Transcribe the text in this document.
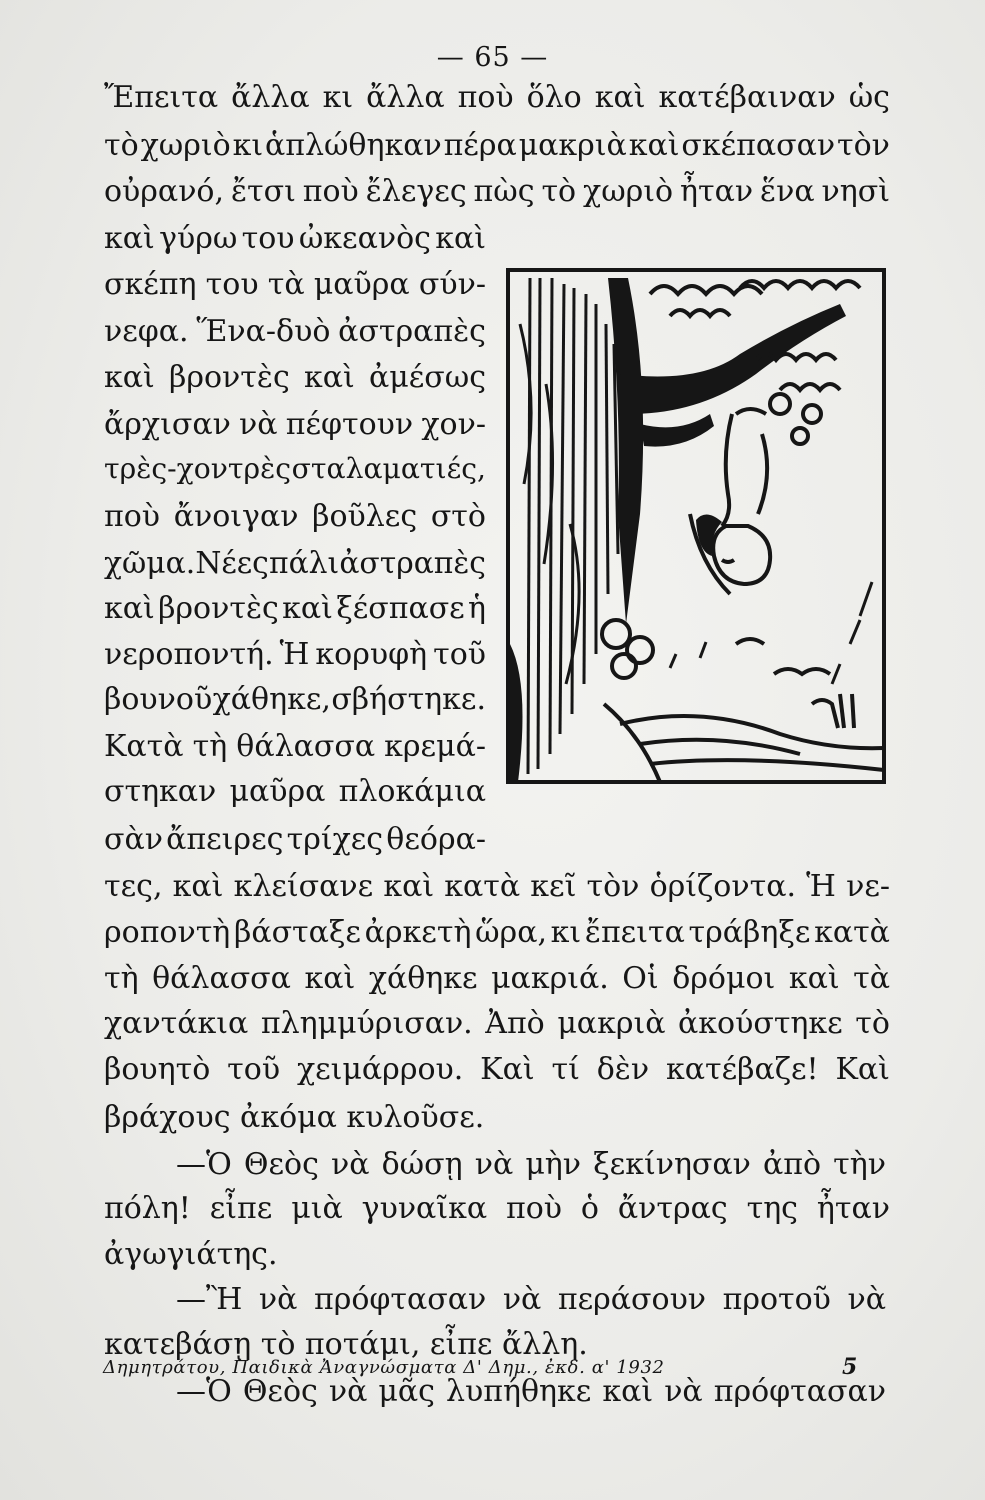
— 65 —
Ἔπειτα ἄλλα κι ἄλλα ποὺ ὅλο καὶ κατέβαιναν ὡς
τὸ χωριὸ κι ἁπλώθηκαν πέρα μακριὰ καὶ σκέπασαν τὸν
οὐρανό, ἔτσι ποὺ ἔλεγες πὼς τὸ χωριὸ ἦταν ἕνα νησὶ
καὶ γύρω του ὠκεανὸς καὶ
σκέπη του τὰ μαῦρα σύν-
νεφα. Ἕνα-δυὸ ἀστραπὲς
καὶ βροντὲς καὶ ἀμέσως
ἄρχισαν νὰ πέφτουν χον-
τρὲς-χοντρὲς σταλαματιές,
ποὺ ἄνοιγαν βοῦλες στὸ
χῶμα. Νέες πάλι ἀστραπὲς
καὶ βροντὲς καὶ ξέσπασε ἡ
νεροποντή. Ἡ κορυφὴ τοῦ
βουνοῦ χάθηκε, σβήστηκε.
Κατὰ τὴ θάλασσα κρεμά-
στηκαν μαῦρα πλοκάμια
σὰν ἄπειρες τρίχες θεόρα-
τες, καὶ κλείσανε καὶ κατὰ κεῖ τὸν ὁρίζοντα. Ἡ νε-
ροποντὴ βάσταξε ἀρκετὴ ὥρα, κι ἔπειτα τράβηξε κατὰ
τὴ θάλασσα καὶ χάθηκε μακριά. Οἱ δρόμοι καὶ τὰ
χαντάκια πλημμύρισαν. Ἀπὸ μακριὰ ἀκούστηκε τὸ
βουητὸ τοῦ χειμάρρου. Καὶ τί δὲν κατέβαζε! Καὶ
βράχους ἀκόμα κυλοῦσε.
—Ὁ Θεὸς νὰ δώσῃ νὰ μὴν ξεκίνησαν ἀπὸ τὴν
πόλη! εἶπε μιὰ γυναῖκα ποὺ ὁ ἄντρας της ἦταν
ἀγωγιάτης.
—Ἢ νὰ πρόφτασαν νὰ περάσουν προτοῦ νὰ
κατεβάσῃ τὸ ποτάμι, εἶπε ἄλλη.
—Ὁ Θεὸς νὰ μᾶς λυπήθηκε καὶ νὰ πρόφτασαν
Δημητράτου, Παιδικὰ Ἀναγνώσματα Δ' Δημ., ἐκδ. α' 1932	5
